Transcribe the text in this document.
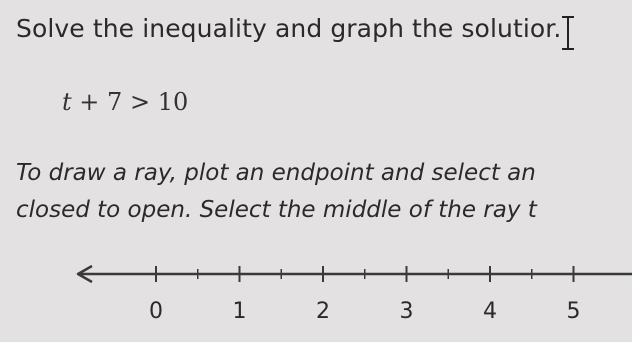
Solve the inequality and graph the solutior.
t + 7 > 10
To draw a ray, plot an endpoint and select an
closed to open. Select the middle of the ray t
0	1	2	3	4	5
